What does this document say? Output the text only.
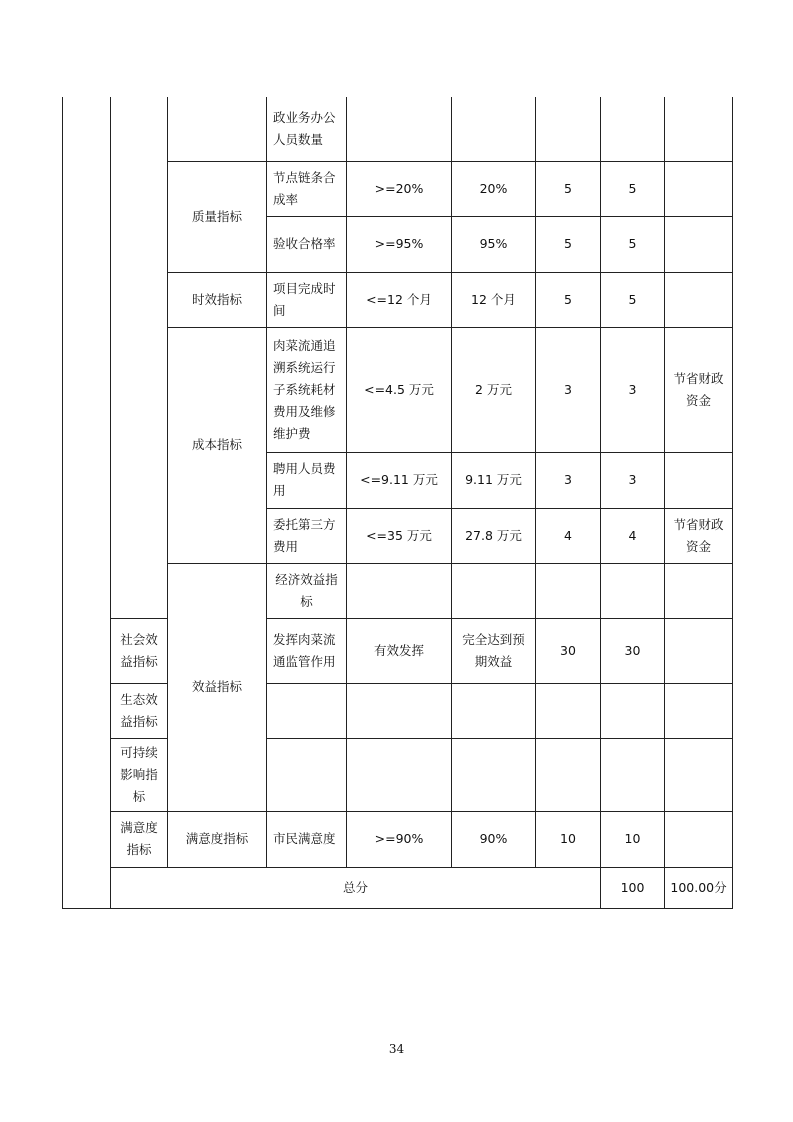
			政业务办公人员数量						
		质量指标	节点链条合成率	>=20%	20%	5	5		
			验收合格率	>=95%	95%	5	5		
		时效指标	项目完成时间	<=12 个月	12 个月	5	5		
		成本指标	肉菜流通追溯系统运行子系统耗材费用及维修维护费	<=4.5 万元	2 万元	3	3	节省财政资金	
			聘用人员费用	<=9.11 万元	9.11 万元	3	3		
			委托第三方费用	<=35 万元	27.8 万元	4	4	节省财政资金	
		效益指标	经济效益指标						
	社会效益指标		发挥肉菜流通监管作用	有效发挥	完全达到预期效益	30	30		
	生态效益指标								
	可持续影响指标								
	满意度指标	满意度指标	市民满意度	>=90%	90%	10	10		
	总分						100	100.00分	
34
